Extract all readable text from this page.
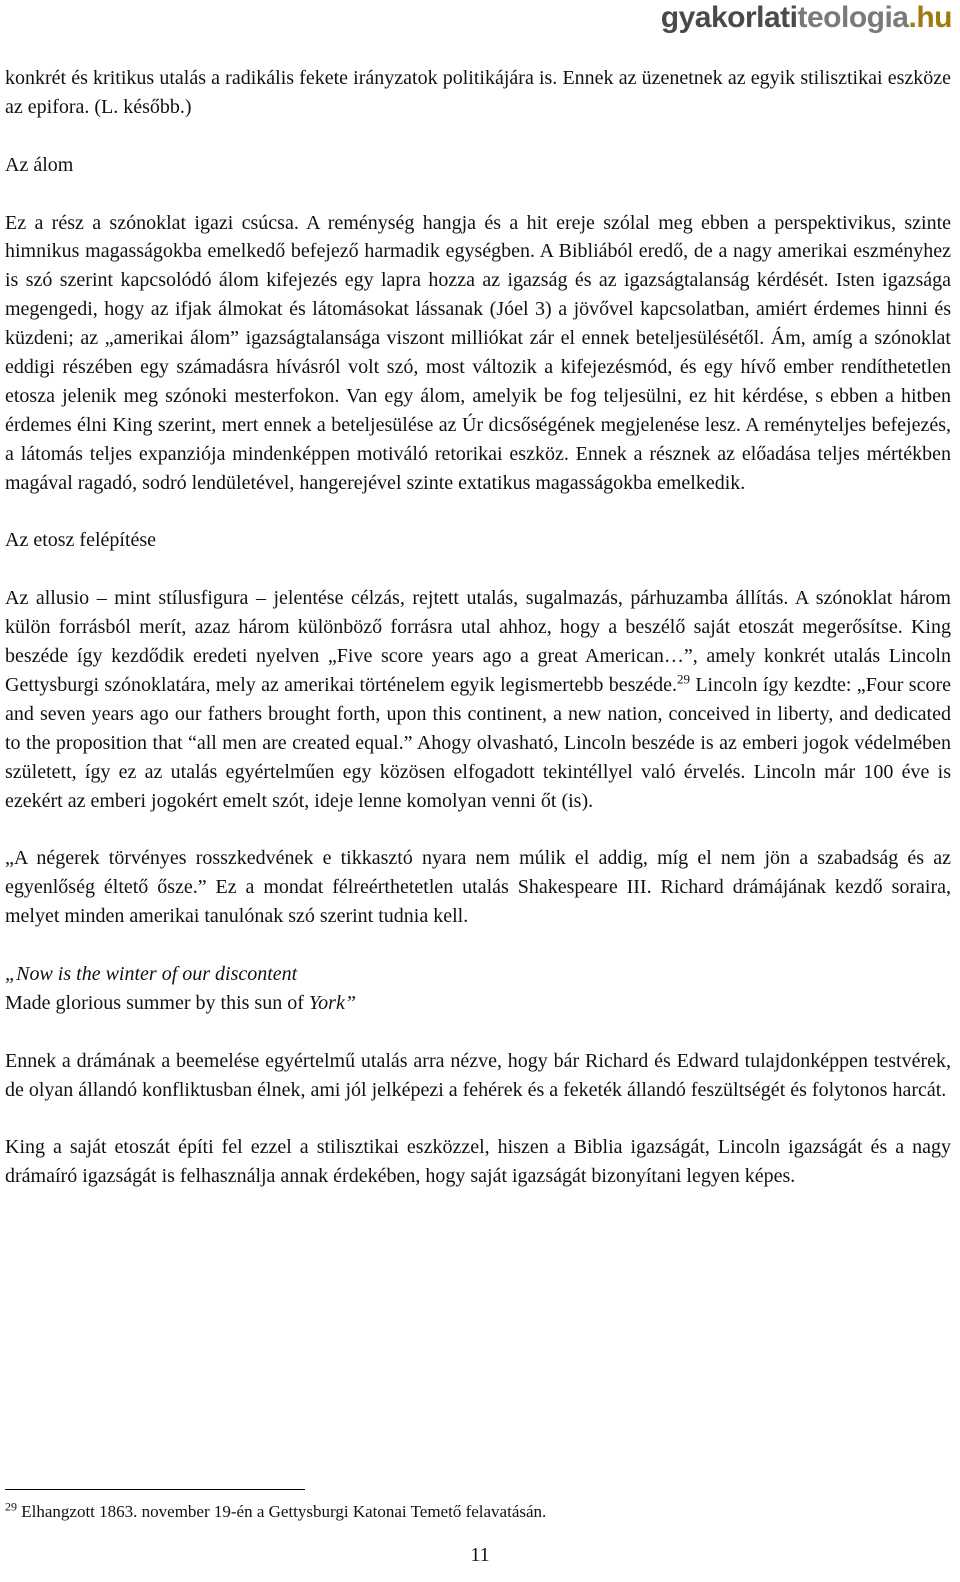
gyakorlatiteologia.hu

konkrét és kritikus utalás a radikális fekete irányzatok politikájára is. Ennek az üzenetnek az egyik stilisztikai eszköze az epifora. (L. később.)

Az álom

Ez a rész a szónoklat igazi csúcsa. A reménység hangja és a hit ereje szólal meg ebben a perspektivikus, szinte himnikus magasságokba emelkedő befejező harmadik egységben. A Bibliából eredő, de a nagy amerikai eszményhez is szó szerint kapcsolódó álom kifejezés egy lapra hozza az igazság és az igazságtalanság kérdését. Isten igazsága megengedi, hogy az ifjak álmokat és látomásokat lássanak (Jóel 3) a jövővel kapcsolatban, amiért érdemes hinni és küzdeni; az „amerikai álom” igazságtalansága viszont milliókat zár el ennek beteljesülésétől. Ám, amíg a szónoklat eddigi részében egy számadásra hívásról volt szó, most változik a kifejezésmód, és egy hívő ember rendíthetetlen etosza jelenik meg szónoki mesterfokon. Van egy álom, amelyik be fog teljesülni, ez hit kérdése, s ebben a hitben érdemes élni King szerint, mert ennek a beteljesülése az Úr dicsőségének megjelenése lesz. A reményteljes befejezés, a látomás teljes expanziója mindenképpen motiváló retorikai eszköz. Ennek a résznek az előadása teljes mértékben magával ragadó, sodró lendületével, hangerejével szinte extatikus magasságokba emelkedik.

Az etosz felépítése

Az allusio – mint stílusfigura – jelentése célzás, rejtett utalás, sugalmazás, párhuzamba állítás. A szónoklat három külön forrásból merít, azaz három különböző forrásra utal ahhoz, hogy a beszélő saját etoszát megerősítse. King beszéde így kezdődik eredeti nyelven „Five score years ago a great American…”, amely konkrét utalás Lincoln Gettysburgi szónoklatára, mely az amerikai történelem egyik legismertebb beszéde.$^{29}$ Lincoln így kezdte: „Four score and seven years ago our fathers brought forth, upon this continent, a new nation, conceived in liberty, and dedicated to the proposition that “all men are created equal.” Ahogy olvasható, Lincoln beszéde is az emberi jogok védelmében született, így ez az utalás egyértelműen egy közösen elfogadott tekintéllyel való érvelés. Lincoln már 100 éve is ezekért az emberi jogokért emelt szót, ideje lenne komolyan venni őt (is).

„A négerek törvényes rosszkedvének e tikkasztó nyara nem múlik el addig, míg el nem jön a szabadság és az egyenlőség éltető ősze.” Ez a mondat félreérthetetlen utalás Shakespeare III. Richard drámájának kezdő soraira, melyet minden amerikai tanulónak szó szerint tudnia kell.

„Now is the winter of our discontent

Made glorious summer by this sun of York”

Ennek a drámának a beemelése egyértelmű utalás arra nézve, hogy bár Richard és Edward tulajdonképpen testvérek, de olyan állandó konfliktusban élnek, ami jól jelképezi a fehérek és a feketék állandó feszültségét és folytonos harcát.

King a saját etoszát építi fel ezzel a stilisztikai eszközzel, hiszen a Biblia igazságát, Lincoln igazságát és a nagy drámaíró igazságát is felhasználja annak érdekében, hogy saját igazságát bizonyítani legyen képes.

$^{29}$ Elhangzott 1863. november 19-én a Gettysburgi Katonai Temető felavatásán.
11
